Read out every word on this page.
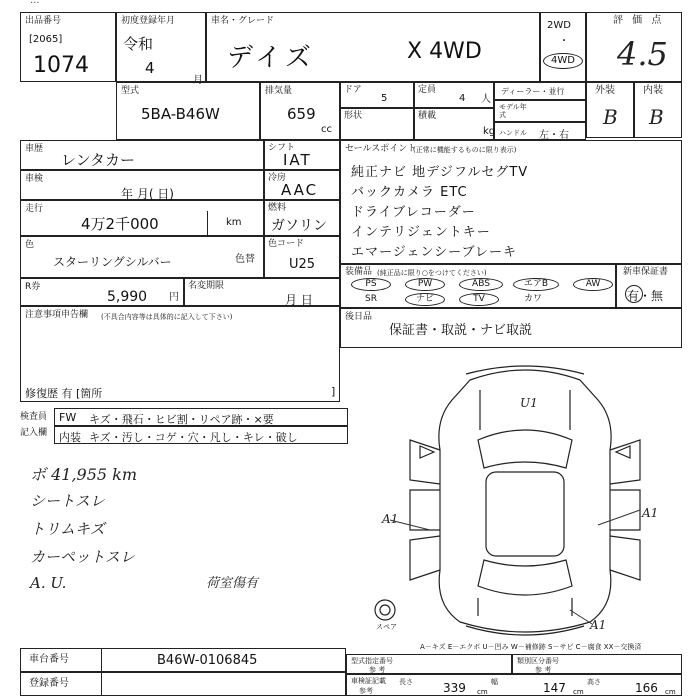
...
出品番号
[2065]
1074
初度登録年月
令和
4
月
車名・グレード
デイズ	X 4WD
2WD
・
4WD
評 価 点
4.5
外装
B
内装
B
型式
5BA-B46W
排気量
659
cc
ドア
5
定員
4 人
ディーラー・並行
モデル年式
形状	積載
kg ハンドル 左・右
車歴
レンタカー
シフト
IAT
車検
年 月( 日)
冷房
AAC
走行
4万2千000	km
燃料
ガソリン
色
スターリングシルバー	色替
色コード
U25
R券
5,990 円
名変期限
月 日
注意事項申告欄 (不具合内容等は具体的に記入して下さい)
修復歴 有 [箇所	]
セールスポイント
(正常に機能するものに限り表示)
純正ナビ 地デジフルセグTV
バックカメラ ETC
ドライブレコーダー
インテリジェントキー
エマージェンシーブレーキ
装備品 (純正品に限り○をつけてください)
PS	PW	ABS	エアB	AW
SR	ナビ	TV	カワ
新車保証書
有・無
後日品
保証書・取説・ナビ取説
検査員
記入欄
FW キズ・飛石・ヒビ割・リペア跡・×要
内装 キズ・汚し・コゲ・穴・凡し・キレ・破し
ボ 41,955 km
シートスレ
トリムキズ
カーペットスレ
A. U.	荷室傷有
U1
A1	A1
A1
スペア
A－キズ E－エクボ U－凹み W－補修跡 S－サビ C－腐食 XX－交換済
車台番号	B46W-0106845
登録番号
型式指定番号
参 考
類別区分番号
参 考
車検証記載
参考
長さ	339 cm
幅	147 cm
高さ	166 cm
